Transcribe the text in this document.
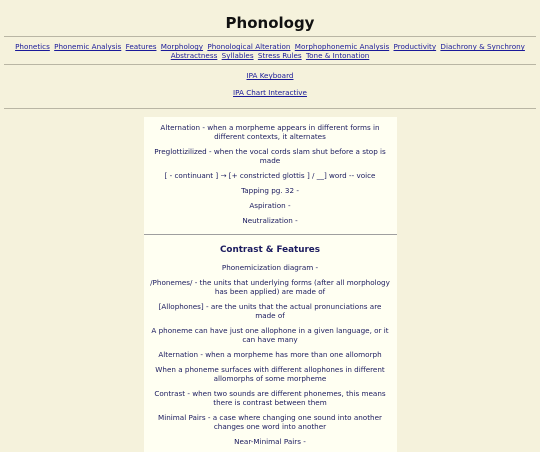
Phonology
Phonetics Phonemic Analysis Features Morphology Phonological Alteration Morphophonemic Analysis Productivity Diachrony & Synchrony Abstractness Syllables Stress Rules Tone & Intonation
IPA Keyboard
IPA Chart Interactive

Alternation - when a morpheme appears in different forms in different contexts, it alternates

Preglottizilized - when the vocal cords slam shut before a stop is made

[ - continuant ] → [+ constricted glottis ] / __] word -- voice

Tapping pg. 32 -

Aspiration -

Neutralization -

Contrast & Features

Phonemicization diagram -

/Phonemes/ - the units that underlying forms (after all morphology has been applied) are made of

[Allophones] - are the units that the actual pronunciations are made of

A phoneme can have just one allophone in a given language, or it can have many

Alternation - when a morpheme has more than one allomorph

When a phoneme surfaces with different allophones in different allomorphs of some morpheme

Contrast - when two sounds are different phonemes, this means there is contrast between them

Minimal Pairs - a case where changing one sound into another changes one word into another

Near-Minimal Pairs -
